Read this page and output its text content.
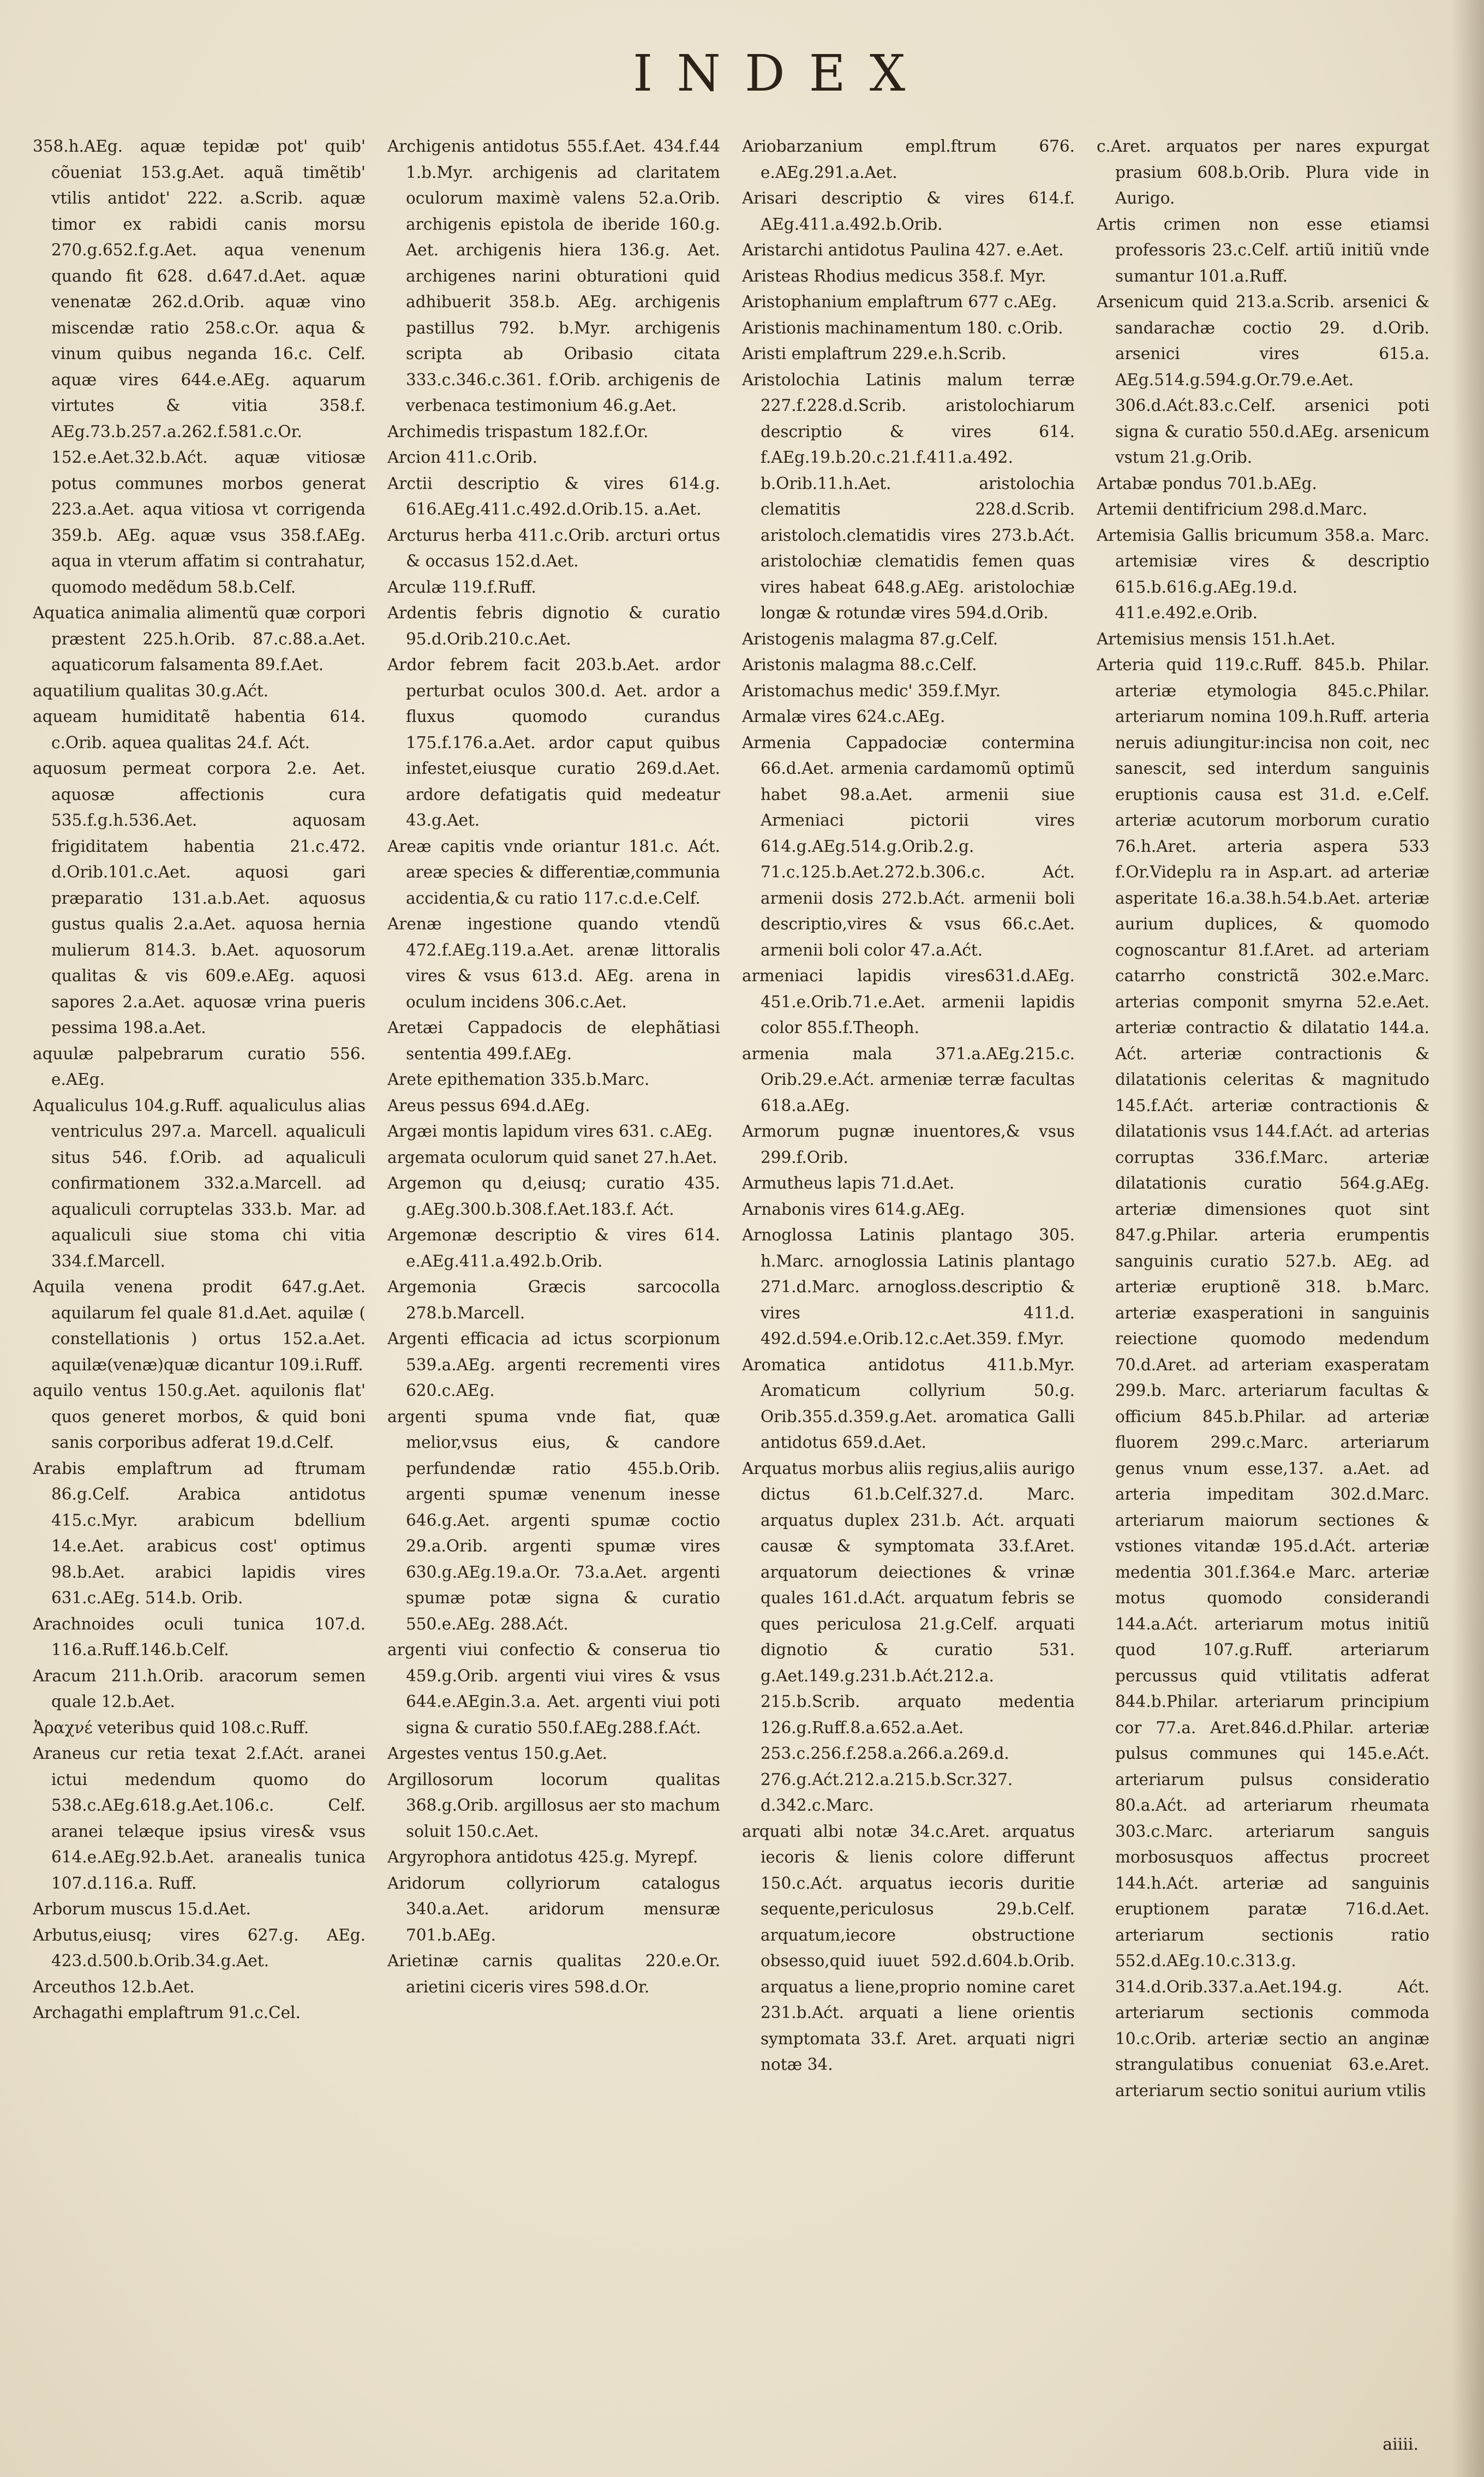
INDEX

358.h.AEg. aquæ tepidæ pot' quib' cõueniat 153.g.Aet. aquã timẽtib' vtilis antidot' 222. a.Scrib. aquæ timor ex rabidi canis morsu 270.g.652.f.g.Aet. aqua venenum quando fit 628. d.647.d.Aet. aquæ venenatæ 262.d.Orib. aquæ vino miscendæ ratio 258.c.Or. aqua & vinum quibus neganda 16.c. Celf. aquæ vires 644.e.AEg. aquarum virtutes & vitia 358.f. AEg.73.b.257.a.262.f.581.c.Or. 152.e.Aet.32.b.Aćt. aquæ vitiosæ potus communes morbos generat 223.a.Aet. aqua vitiosa vt corrigenda 359.b. AEg. aquæ vsus 358.f.AEg. aqua in vterum affatim si contrahatur, quomodo medẽdum 58.b.Celf.

Aquatica animalia alimentũ quæ corpori præstent 225.h.Orib. 87.c.88.a.Aet. aquaticorum falsamenta 89.f.Aet.

aquatilium qualitas 30.g.Aćt.

aqueam humiditatẽ habentia 614. c.Orib. aquea qualitas 24.f. Aćt.

aquosum permeat corpora 2.e. Aet. aquosæ affectionis cura 535.f.g.h.536.Aet. aquosam frigiditatem habentia 21.c.472. d.Orib.101.c.Aet. aquosi gari præparatio 131.a.b.Aet. aquosus gustus qualis 2.a.Aet. aquosa hernia mulierum 814.3. b.Aet. aquosorum qualitas & vis 609.e.AEg. aquosi sapores 2.a.Aet. aquosæ vrina pueris pessima 198.a.Aet.

aquulæ palpebrarum curatio 556. e.AEg.

Aqualiculus 104.g.Ruff. aqualiculus alias ventriculus 297.a. Marcell. aqualiculi situs 546. f.Orib. ad aqualiculi confirmationem 332.a.Marcell. ad aqualiculi corruptelas 333.b. Mar. ad aqualiculi siue stoma chi vitia 334.f.Marcell.

Aquila venena prodit 647.g.Aet. aquilarum fel quale 81.d.Aet. aquilæ ( constellationis ) ortus 152.a.Aet. aquilæ(venæ)quæ dicantur 109.i.Ruff.

aquilo ventus 150.g.Aet. aquilonis flat' quos generet morbos, & quid boni sanis corporibus adferat 19.d.Celf.

Arabis emplaftrum ad ftrumam 86.g.Celf. Arabica antidotus 415.c.Myr. arabicum bdellium 14.e.Aet. arabicus cost' optimus 98.b.Aet. arabici lapidis vires 631.c.AEg. 514.b. Orib.

Arachnoides oculi tunica 107.d. 116.a.Ruff.146.b.Celf.

Aracum 211.h.Orib. aracorum semen quale 12.b.Aet.

Ἀραχνέ veteribus quid 108.c.Ruff.

Araneus cur retia texat 2.f.Aćt. aranei ictui medendum quomo do 538.c.AEg.618.g.Aet.106.c. Celf. aranei telæque ipsius vires& vsus 614.e.AEg.92.b.Aet. aranealis tunica 107.d.116.a. Ruff.

Arborum muscus 15.d.Aet.

Arbutus,eiusq; vires 627.g. AEg. 423.d.500.b.Orib.34.g.Aet.

Arceuthos 12.b.Aet.

Archagathi emplaftrum 91.c.Cel.

Archigenis antidotus 555.f.Aet. 434.f.44 1.b.Myr. archigenis ad claritatem oculorum maximè valens 52.a.Orib. archigenis epistola de iberide 160.g. Aet. archigenis hiera 136.g. Aet. archigenes narini obturationi quid adhibuerit 358.b. AEg. archigenis pastillus 792. b.Myr. archigenis scripta ab Oribasio citata 333.c.346.c.361. f.Orib. archigenis de verbenaca testimonium 46.g.Aet.

Archimedis trispastum 182.f.Or.

Arcion 411.c.Orib.

Arctii descriptio & vires 614.g. 616.AEg.411.c.492.d.Orib.15. a.Aet.

Arcturus herba 411.c.Orib. arcturi ortus & occasus 152.d.Aet.

Arculæ 119.f.Ruff.

Ardentis febris dignotio & curatio 95.d.Orib.210.c.Aet.

Ardor febrem facit 203.b.Aet. ardor perturbat oculos 300.d. Aet. ardor a fluxus quomodo curandus 175.f.176.a.Aet. ardor caput quibus infestet,eiusque curatio 269.d.Aet. ardore defatigatis quid medeatur 43.g.Aet.

Areæ capitis vnde oriantur 181.c. Aćt. areæ species & differentiæ,communia accidentia,& cu ratio 117.c.d.e.Celf.

Arenæ ingestione quando vtendũ 472.f.AEg.119.a.Aet. arenæ littoralis vires & vsus 613.d. AEg. arena in oculum incidens 306.c.Aet.

Aretæi Cappadocis de elephãtiasi sententia 499.f.AEg.

Arete epithemation 335.b.Marc.

Areus pessus 694.d.AEg.

Argæi montis lapidum vires 631. c.AEg.

argemata oculorum quid sanet 27.h.Aet.

Argemon qu d,eiusq; curatio 435. g.AEg.300.b.308.f.Aet.183.f. Aćt.

Argemonæ descriptio & vires 614. e.AEg.411.a.492.b.Orib.

Argemonia Græcis sarcocolla 278.b.Marcell.

Argenti efficacia ad ictus scorpionum 539.a.AEg. argenti recrementi vires 620.c.AEg.

argenti spuma vnde fiat, quæ melior,vsus eius, & candore perfundendæ ratio 455.b.Orib. argenti spumæ venenum inesse 646.g.Aet. argenti spumæ coctio 29.a.Orib. argenti spumæ vires 630.g.AEg.19.a.Or. 73.a.Aet. argenti spumæ potæ signa & curatio 550.e.AEg. 288.Aćt.

argenti viui confectio & conserua tio 459.g.Orib. argenti viui vires & vsus 644.e.AEgin.3.a. Aet. argenti viui poti signa & curatio 550.f.AEg.288.f.Aćt.

Argestes ventus 150.g.Aet.

Argillosorum locorum qualitas 368.g.Orib. argillosus aer sto machum soluit 150.c.Aet.

Argyrophora antidotus 425.g. Myrepf.

Aridorum collyriorum catalogus 340.a.Aet. aridorum mensuræ 701.b.AEg.

Arietinæ carnis qualitas 220.e.Or. arietini ciceris vires 598.d.Or.

Ariobarzanium empl.ftrum 676. e.AEg.291.a.Aet.

Arisari descriptio & vires 614.f. AEg.411.a.492.b.Orib.

Aristarchi antidotus Paulina 427. e.Aet.

Aristeas Rhodius medicus 358.f. Myr.

Aristophanium emplaftrum 677 c.AEg.

Aristionis machinamentum 180. c.Orib.

Aristi emplaftrum 229.e.h.Scrib.

Aristolochia Latinis malum terræ 227.f.228.d.Scrib. aristolochiarum descriptio & vires 614. f.AEg.19.b.20.c.21.f.411.a.492. b.Orib.11.h.Aet. aristolochia clematitis 228.d.Scrib. aristoloch.clematidis vires 273.b.Aćt. aristolochiæ clematidis femen quas vires habeat 648.g.AEg. aristolochiæ longæ & rotundæ vires 594.d.Orib.

Aristogenis malagma 87.g.Celf.

Aristonis malagma 88.c.Celf.

Aristomachus medic' 359.f.Myr.

Armalæ vires 624.c.AEg.

Armenia Cappadociæ contermina 66.d.Aet. armenia cardamomũ optimũ habet 98.a.Aet. armenii siue Armeniaci pictorii vires 614.g.AEg.514.g.Orib.2.g. 71.c.125.b.Aet.272.b.306.c. Aćt. armenii dosis 272.b.Aćt. armenii boli descriptio,vires & vsus 66.c.Aet. armenii boli color 47.a.Aćt.

armeniaci lapidis vires631.d.AEg. 451.e.Orib.71.e.Aet. armenii lapidis color 855.f.Theoph.

armenia mala 371.a.AEg.215.c. Orib.29.e.Aćt. armeniæ terræ facultas 618.a.AEg.

Armorum pugnæ inuentores,& vsus 299.f.Orib.

Armutheus lapis 71.d.Aet.

Arnabonis vires 614.g.AEg.

Arnoglossa Latinis plantago 305. h.Marc. arnoglossia Latinis plantago 271.d.Marc. arnogloss.descriptio & vires 411.d. 492.d.594.e.Orib.12.c.Aet.359. f.Myr.

Aromatica antidotus 411.b.Myr. Aromaticum collyrium 50.g. Orib.355.d.359.g.Aet. aromatica Galli antidotus 659.d.Aet.

Arquatus morbus aliis regius,aliis aurigo dictus 61.b.Celf.327.d. Marc. arquatus duplex 231.b. Aćt. arquati causæ & symptomata 33.f.Aret. arquatorum deiectiones & vrinæ quales 161.d.Aćt. arquatum febris se ques periculosa 21.g.Celf. arquati dignotio & curatio 531. g.Aet.149.g.231.b.Aćt.212.a. 215.b.Scrib. arquato medentia 126.g.Ruff.8.a.652.a.Aet. 253.c.256.f.258.a.266.a.269.d. 276.g.Aćt.212.a.215.b.Scr.327. d.342.c.Marc.

arquati albi notæ 34.c.Aret. arquatus iecoris & lienis colore differunt 150.c.Aćt. arquatus iecoris duritie sequente,periculosus 29.b.Celf. arquatum,iecore obstructione obsesso,quid iuuet 592.d.604.b.Orib. arquatus a liene,proprio nomine caret 231.b.Aćt. arquati a liene orientis symptomata 33.f. Aret. arquati nigri notæ 34.

c.Aret. arquatos per nares expurgat prasium 608.b.Orib. Plura vide in Aurigo.

Artis crimen non esse etiamsi professoris 23.c.Celf. artiũ initiũ vnde sumantur 101.a.Ruff.

Arsenicum quid 213.a.Scrib. arsenici & sandarachæ coctio 29. d.Orib. arsenici vires 615.a. AEg.514.g.594.g.Or.79.e.Aet. 306.d.Aćt.83.c.Celf. arsenici poti signa & curatio 550.d.AEg. arsenicum vstum 21.g.Orib.

Artabæ pondus 701.b.AEg.

Artemii dentifricium 298.d.Marc.

Artemisia Gallis bricumum 358.a. Marc. artemisiæ vires & descriptio 615.b.616.g.AEg.19.d. 411.e.492.e.Orib.

Artemisius mensis 151.h.Aet.

Arteria quid 119.c.Ruff. 845.b. Philar. arteriæ etymologia 845.c.Philar. arteriarum nomina 109.h.Ruff. arteria neruis adiungitur:incisa non coit, nec sanescit, sed interdum sanguinis eruptionis causa est 31.d. e.Celf. arteriæ acutorum morborum curatio 76.h.Aret. arteria aspera 533 f.Or.Videplu ra in Asp.art. ad arteriæ asperitate 16.a.38.h.54.b.Aet. arteriæ aurium duplices, & quomodo cognoscantur 81.f.Aret. ad arteriam catarrho constrictã 302.e.Marc. arterias componit smyrna 52.e.Aet. arteriæ contractio & dilatatio 144.a. Aćt. arteriæ contractionis & dilatationis celeritas & magnitudo 145.f.Aćt. arteriæ contractionis & dilatationis vsus 144.f.Aćt. ad arterias corruptas 336.f.Marc. arteriæ dilatationis curatio 564.g.AEg. arteriæ dimensiones quot sint 847.g.Philar. arteria erumpentis sanguinis curatio 527.b. AEg. ad arteriæ eruptionẽ 318. b.Marc. arteriæ exasperationi in sanguinis reiectione quomodo medendum 70.d.Aret. ad arteriam exasperatam 299.b. Marc. arteriarum facultas & officium 845.b.Philar. ad arteriæ fluorem 299.c.Marc. arteriarum genus vnum esse,137. a.Aet. ad arteria impeditam 302.d.Marc. arteriarum maiorum sectiones & vstiones vitandæ 195.d.Aćt. arteriæ medentia 301.f.364.e Marc. arteriæ motus quomodo considerandi 144.a.Aćt. arteriarum motus initiũ quod 107.g.Ruff. arteriarum percussus quid vtilitatis adferat 844.b.Philar. arteriarum principium cor 77.a. Aret.846.d.Philar. arteriæ pulsus communes qui 145.e.Aćt. arteriarum pulsus consideratio 80.a.Aćt. ad arteriarum rheumata 303.c.Marc. arteriarum sanguis morbosusquos affectus procreet 144.h.Aćt. arteriæ ad sanguinis eruptionem paratæ 716.d.Aet. arteriarum sectionis ratio 552.d.AEg.10.c.313.g. 314.d.Orib.337.a.Aet.194.g. Aćt. arteriarum sectionis commoda 10.c.Orib. arteriæ sectio an anginæ strangulatibus conueniat 63.e.Aret. arteriarum sectio sonitui aurium vtilis

aiiii.
